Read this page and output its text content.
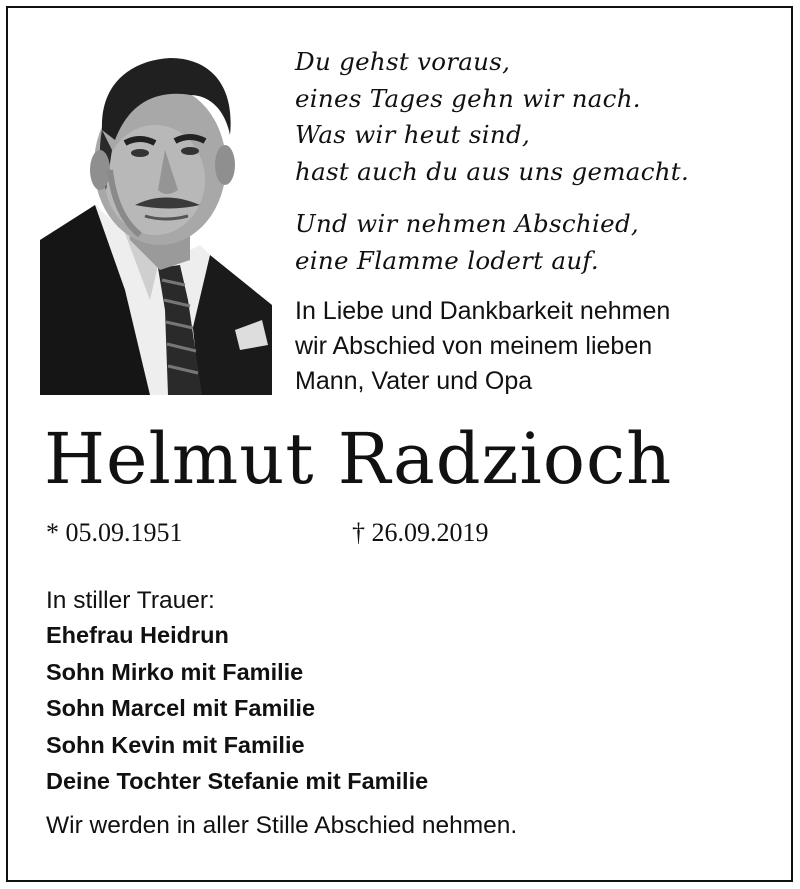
Du gehst voraus,
eines Tages gehn wir nach.
Was wir heut sind,
hast auch du aus uns gemacht.
Und wir nehmen Abschied,
eine Flamme lodert auf.
In Liebe und Dankbarkeit nehmen
wir Abschied von meinem lieben
Mann, Vater und Opa
Helmut Radzioch
* 05.09.1951	† 26.09.2019
In stiller Trauer:
Ehefrau Heidrun
Sohn Mirko mit Familie
Sohn Marcel mit Familie
Sohn Kevin mit Familie
Deine Tochter Stefanie mit Familie
Wir werden in aller Stille Abschied nehmen.
